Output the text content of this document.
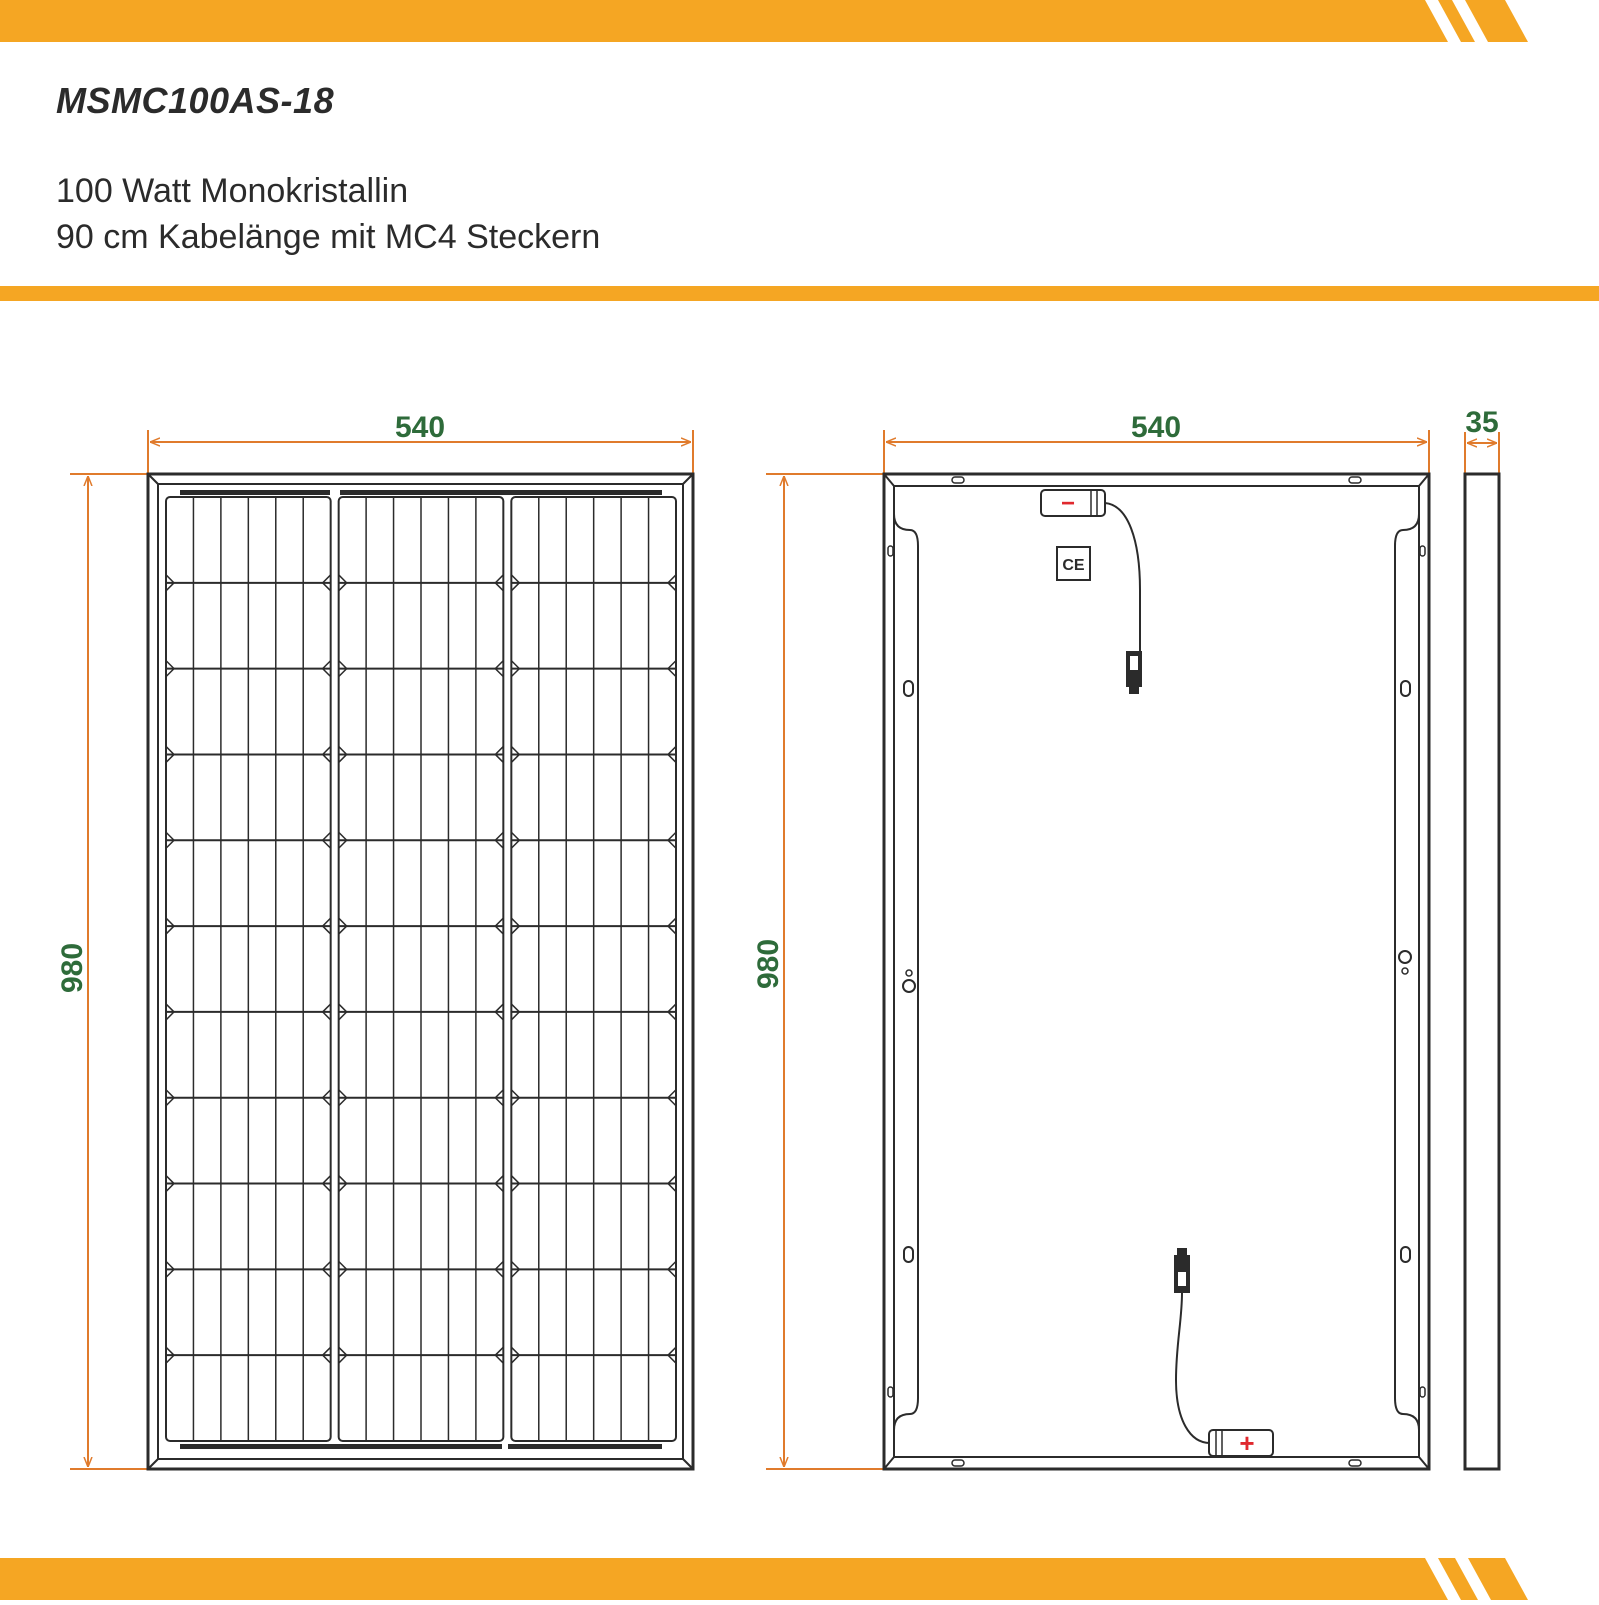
MSMC100AS-18

100 Watt Monokristallin

90 cm Kabelänge mit MC4 Steckern

540
980
540
980
−
CE
+
35
